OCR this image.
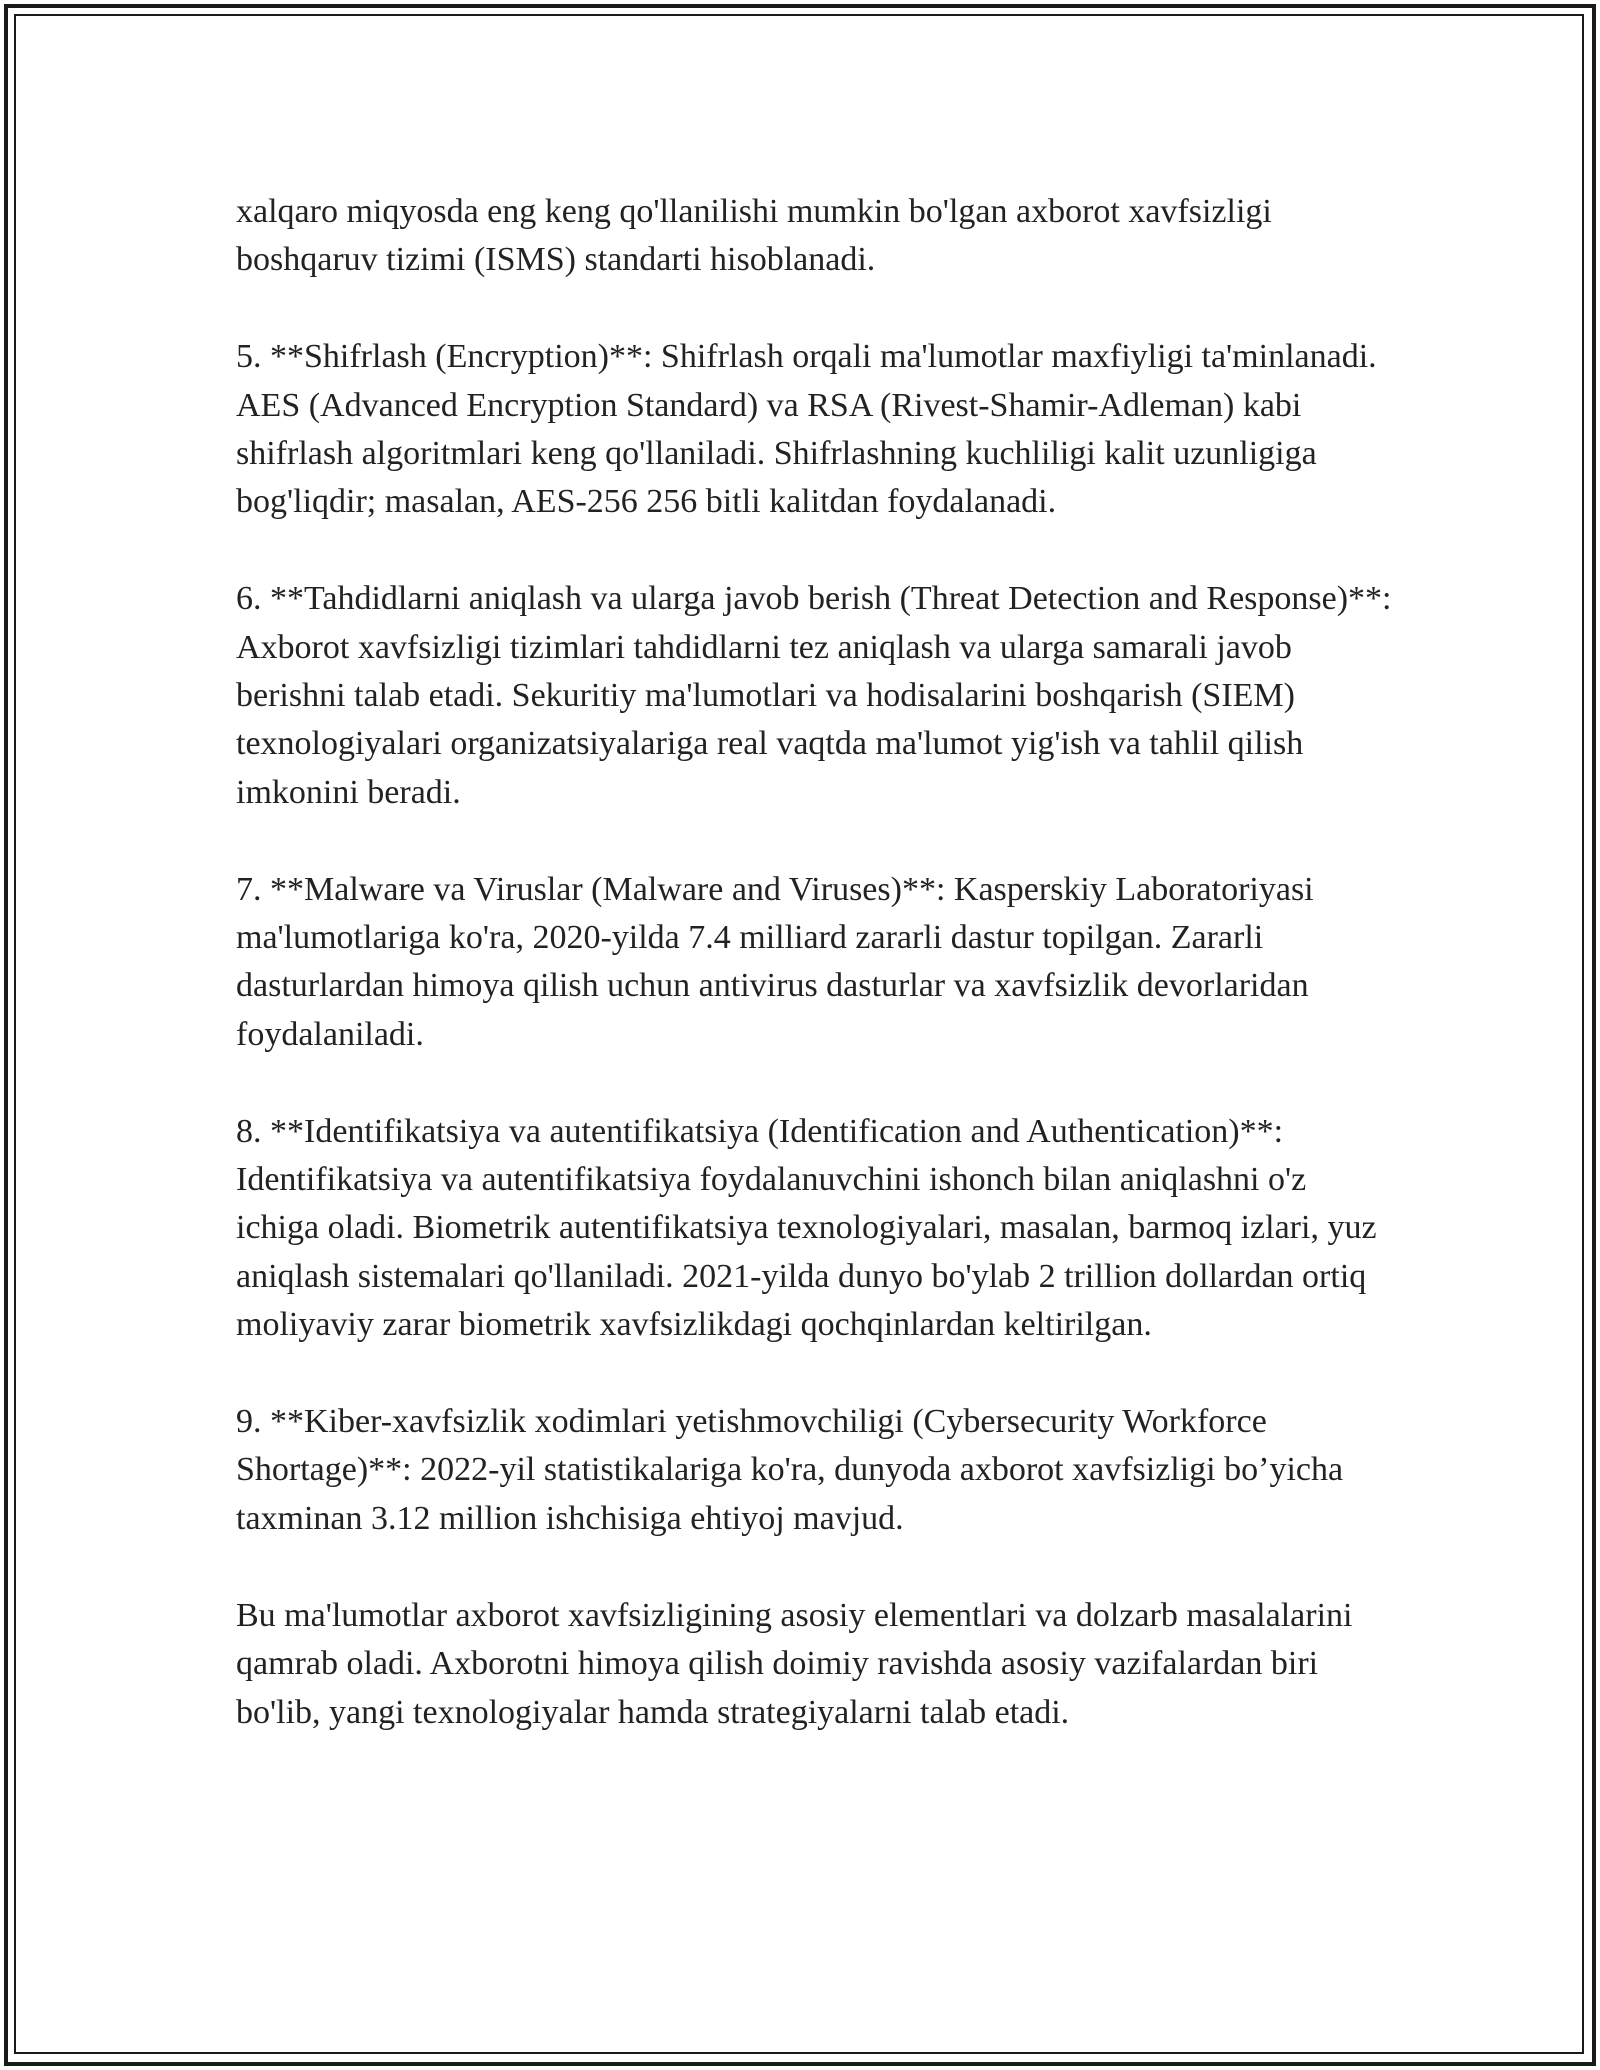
xalqaro miqyosda eng keng qo'llanilishi mumkin bo'lgan axborot xavfsizligi boshqaruv tizimi (ISMS) standarti hisoblanadi.

5. **Shifrlash (Encryption)**: Shifrlash orqali ma'lumotlar maxfiyligi ta'minlanadi. AES (Advanced Encryption Standard) va RSA (Rivest-Shamir-Adleman) kabi shifrlash algoritmlari keng qo'llaniladi. Shifrlashning kuchliligi kalit uzunligiga bog'liqdir; masalan, AES-256 256 bitli kalitdan foydalanadi.

6. **Tahdidlarni aniqlash va ularga javob berish (Threat Detection and Response)**: Axborot xavfsizligi tizimlari tahdidlarni tez aniqlash va ularga samarali javob berishni talab etadi. Sekuritiy ma'lumotlari va hodisalarini boshqarish (SIEM) texnologiyalari organizatsiyalariga real vaqtda ma'lumot yig'ish va tahlil qilish imkonini beradi.

7. **Malware va Viruslar (Malware and Viruses)**: Kasperskiy Laboratoriyasi ma'lumotlariga ko'ra, 2020-yilda 7.4 milliard zararli dastur topilgan. Zararli dasturlardan himoya qilish uchun antivirus dasturlar va xavfsizlik devorlaridan foydalaniladi.

8. **Identifikatsiya va autentifikatsiya (Identification and Authentication)**: Identifikatsiya va autentifikatsiya foydalanuvchini ishonch bilan aniqlashni o'z ichiga oladi. Biometrik autentifikatsiya texnologiyalari, masalan, barmoq izlari, yuz aniqlash sistemalari qo'llaniladi. 2021-yilda dunyo bo'ylab 2 trillion dollardan ortiq moliyaviy zarar biometrik xavfsizlikdagi qochqinlardan keltirilgan.

9. **Kiber-xavfsizlik xodimlari yetishmovchiligi (Cybersecurity Workforce Shortage)**: 2022-yil statistikalariga ko'ra, dunyoda axborot xavfsizligi bo’yicha taxminan 3.12 million ishchisiga ehtiyoj mavjud.

Bu ma'lumotlar axborot xavfsizligining asosiy elementlari va dolzarb masalalarini qamrab oladi. Axborotni himoya qilish doimiy ravishda asosiy vazifalardan biri bo'lib, yangi texnologiyalar hamda strategiyalarni talab etadi.
